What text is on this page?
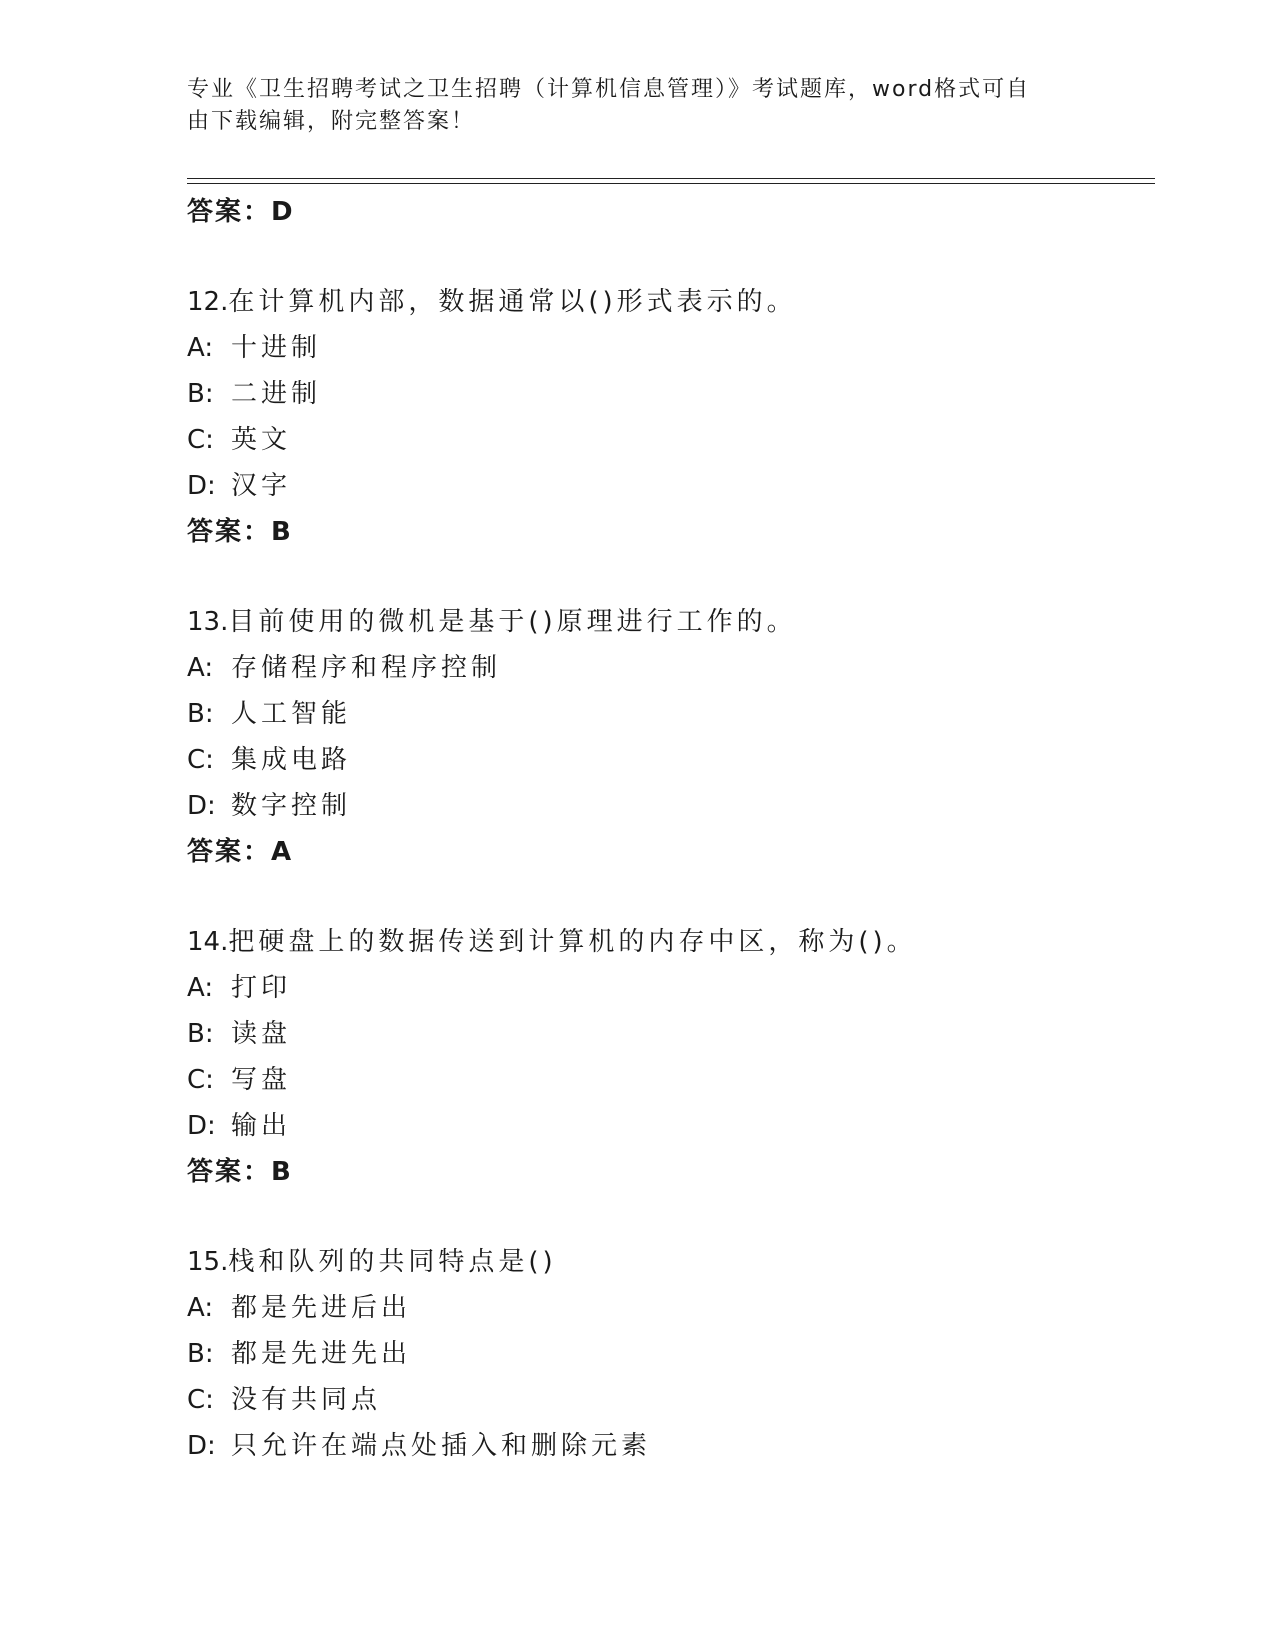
专业《卫生招聘考试之卫生招聘（计算机信息管理）》考试题库，word格式可自
由下载编辑，附完整答案！
答案：D
12.在计算机内部，数据通常以()形式表示的。
A: 十进制
B: 二进制
C: 英文
D: 汉字
答案：B
13.目前使用的微机是基于()原理进行工作的。
A: 存储程序和程序控制
B: 人工智能
C: 集成电路
D: 数字控制
答案：A
14.把硬盘上的数据传送到计算机的内存中区，称为()。
A: 打印
B: 读盘
C: 写盘
D: 输出
答案：B
15.栈和队列的共同特点是()
A: 都是先进后出
B: 都是先进先出
C: 没有共同点
D: 只允许在端点处插入和删除元素
